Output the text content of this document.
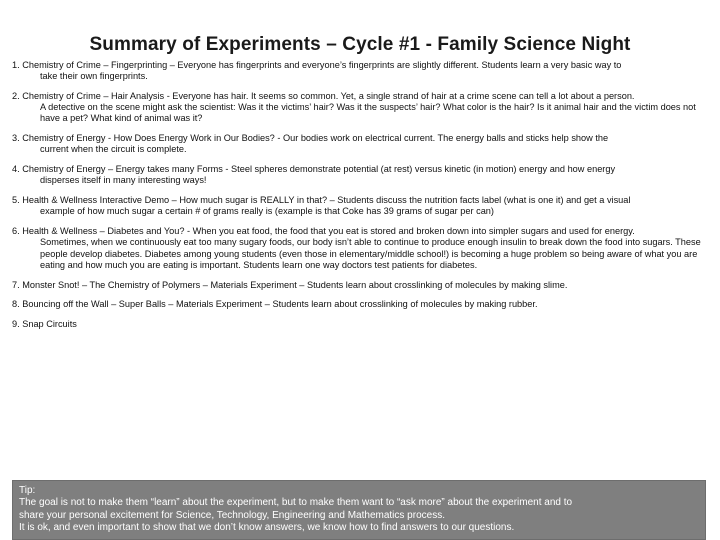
Summary of Experiments – Cycle #1 - Family Science Night
1. Chemistry of Crime – Fingerprinting – Everyone has fingerprints and everyone’s fingerprints are slightly different. Students learn a very basic way to
take their own fingerprints.
2. Chemistry of Crime – Hair Analysis - Everyone has hair. It seems so common. Yet, a single strand of hair at a crime scene can tell a lot about a person.
A detective on the scene might ask the scientist: Was it the victims’ hair? Was it the suspects’ hair? What color is the hair? Is it animal hair and the victim does not have a pet? What kind of animal was it?
3. Chemistry of Energy - How Does Energy Work in Our Bodies? - Our bodies work on electrical current. The energy balls and sticks help show the
current when the circuit is complete.
4. Chemistry of Energy – Energy takes many Forms - Steel spheres demonstrate potential (at rest) versus kinetic (in motion) energy and how energy
disperses itself in many interesting ways!
5. Health & Wellness Interactive Demo – How much sugar is REALLY in that? – Students discuss the nutrition facts label (what is one it) and get a visual
example of how much sugar a certain # of grams really is (example is that Coke has 39 grams of sugar per can)
6. Health & Wellness – Diabetes and You? - When you eat food, the food that you eat is stored and broken down into simpler sugars and used for energy.
Sometimes, when we continuously eat too many sugary foods, our body isn’t able to continue to produce enough insulin to break down the food into sugars. These people develop diabetes. Diabetes among young students (even those in elementary/middle school!) is becoming a huge problem so being aware of what you are eating and how much you are eating is important. Students learn one way doctors test patients for diabetes.
7. Monster Snot! – The Chemistry of Polymers – Materials Experiment – Students learn about crosslinking of molecules by making slime.
8. Bouncing off the Wall – Super Balls – Materials Experiment – Students learn about crosslinking of molecules by making rubber.
9. Snap Circuits
Tip:
The goal is not to make them “learn” about the experiment, but to make them want to “ask more” about the experiment and to
share your personal excitement for Science, Technology, Engineering and Mathematics process.
It is ok, and even important to show that we don’t know answers, we know how to find answers to our questions.
